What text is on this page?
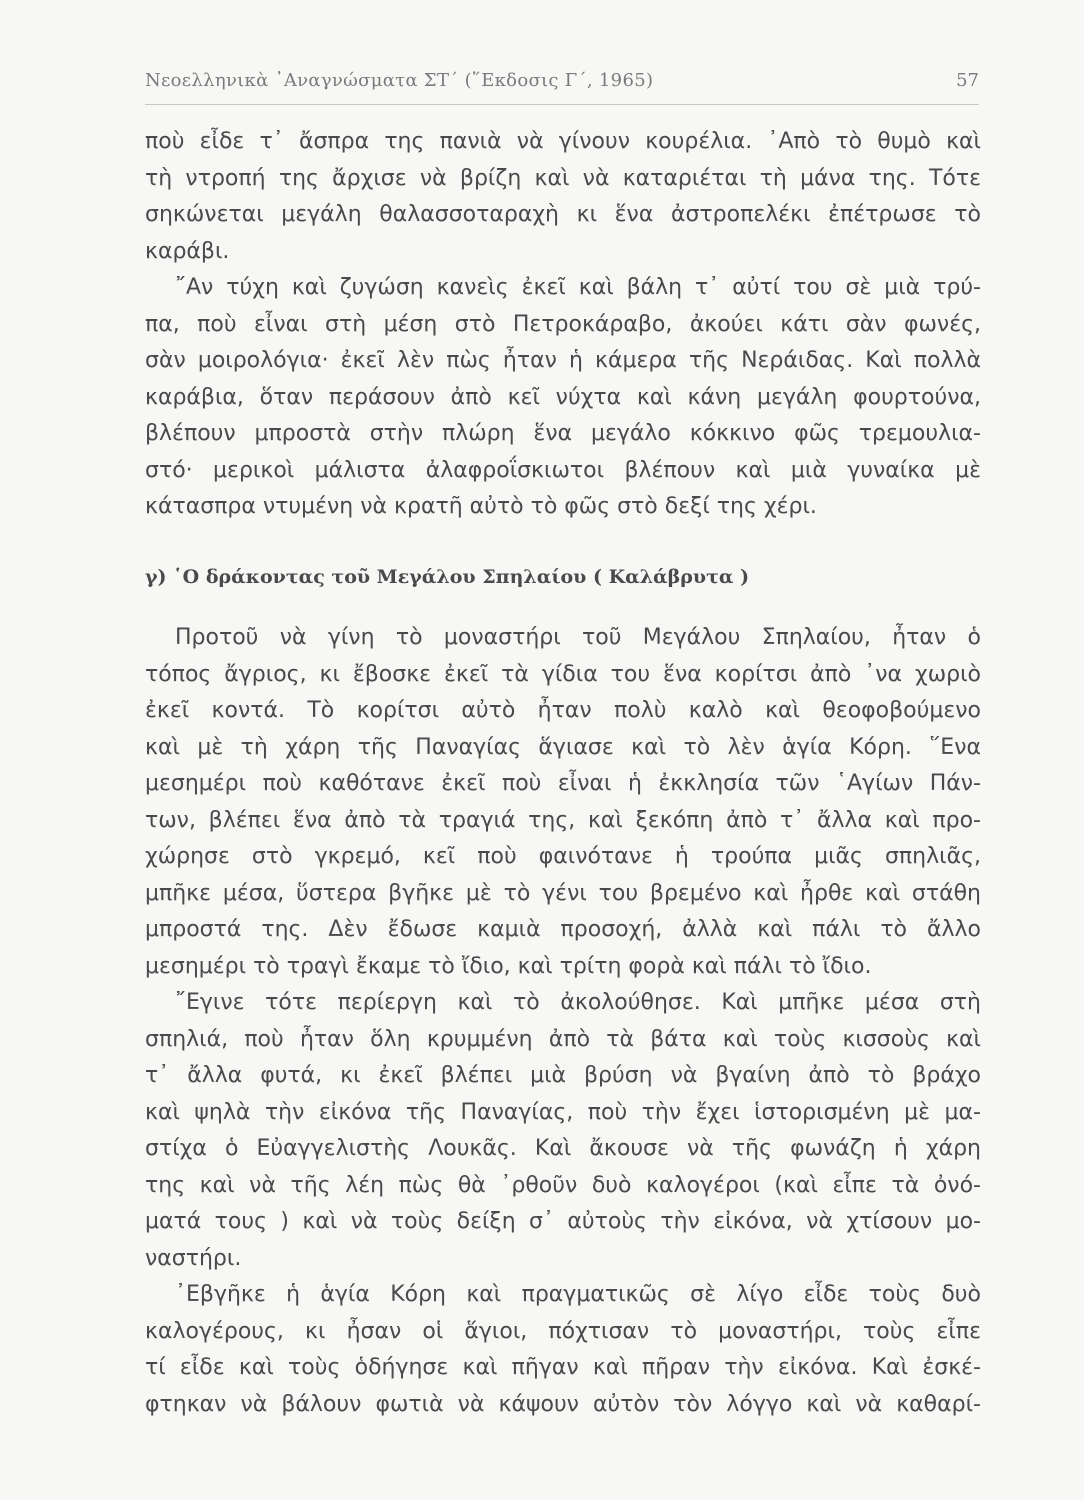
Νεοελληνικὰ ᾽Αναγνώσματα ΣΤ΄ (῞Εκδοσις Γ΄, 1965)	57
ποὺ εἶδε τ᾽ ἄσπρα της πανιὰ νὰ γίνουν κουρέλια. ᾽Απὸ τὸ θυμὸ καὶ
τὴ ντροπή της ἄρχισε νὰ βρίζη καὶ νὰ καταριέται τὴ μάνα της. Τότε
σηκώνεται μεγάλη θαλασσοταραχὴ κι ἕνα ἀστροπελέκι ἐπέτρωσε τὸ
καράβι.
῎Αν τύχη καὶ ζυγώση κανεὶς ἐκεῖ καὶ βάλη τ᾽ αὐτί του σὲ μιὰ τρύ-
πα, ποὺ εἶναι στὴ μέση στὸ Πετροκάραβο, ἀκούει κάτι σὰν φωνές,
σὰν μοιρολόγια· ἐκεῖ λὲν πὼς ἦταν ἡ κάμερα τῆς Νεράιδας. Καὶ πολλὰ
καράβια, ὅταν περάσουν ἀπὸ κεῖ νύχτα καὶ κάνη μεγάλη φουρτούνα,
βλέπουν μπροστὰ στὴν πλώρη ἕνα μεγάλο κόκκινο φῶς τρεμουλια-
στό· μερικοὶ μάλιστα ἀλαφροΐσκιωτοι βλέπουν καὶ μιὰ γυναίκα μὲ
κάτασπρα ντυμένη νὰ κρατῆ αὐτὸ τὸ φῶς στὸ δεξί της χέρι.
γ) ῾Ο δράκοντας τοῦ Μεγάλου Σπηλαίου ( Καλάβρυτα )
Προτοῦ νὰ γίνη τὸ μοναστήρι τοῦ Μεγάλου Σπηλαίου, ἦταν ὁ
τόπος ἄγριος, κι ἔβοσκε ἐκεῖ τὰ γίδια του ἕνα κορίτσι ἀπὸ ᾽να χωριὸ
ἐκεῖ κοντά. Τὸ κορίτσι αὐτὸ ἦταν πολὺ καλὸ καὶ θεοφοβούμενο
καὶ μὲ τὴ χάρη τῆς Παναγίας ἅγιασε καὶ τὸ λὲν ἁγία Κόρη. ῞Ενα
μεσημέρι ποὺ καθότανε ἐκεῖ ποὺ εἶναι ἡ ἐκκλησία τῶν ῾Αγίων Πάν-
των, βλέπει ἕνα ἀπὸ τὰ τραγιά της, καὶ ξεκόπη ἀπὸ τ᾽ ἄλλα καὶ προ-
χώρησε στὸ γκρεμό, κεῖ ποὺ φαινότανε ἡ τρούπα μιᾶς σπηλιᾶς,
μπῆκε μέσα, ὕστερα βγῆκε μὲ τὸ γένι του βρεμένο καὶ ἦρθε καὶ στάθη
μπροστά της. Δὲν ἔδωσε καμιὰ προσοχή, ἀλλὰ καὶ πάλι τὸ ἄλλο
μεσημέρι τὸ τραγὶ ἔκαμε τὸ ἴδιο, καὶ τρίτη φορὰ καὶ πάλι τὸ ἴδιο.
῎Εγινε τότε περίεργη καὶ τὸ ἀκολούθησε. Καὶ μπῆκε μέσα στὴ
σπηλιά, ποὺ ἦταν ὅλη κρυμμένη ἀπὸ τὰ βάτα καὶ τοὺς κισσοὺς καὶ
τ᾽ ἄλλα φυτά, κι ἐκεῖ βλέπει μιὰ βρύση νὰ βγαίνη ἀπὸ τὸ βράχο
καὶ ψηλὰ τὴν εἰκόνα τῆς Παναγίας, ποὺ τὴν ἔχει ἱστορισμένη μὲ μα-
στίχα ὁ Εὐαγγελιστὴς Λουκᾶς. Καὶ ἄκουσε νὰ τῆς φωνάζη ἡ χάρη
της καὶ νὰ τῆς λέη πὼς θὰ ᾽ρθοῦν δυὸ καλογέροι (καὶ εἶπε τὰ ὀνό-
ματά τους ) καὶ νὰ τοὺς δείξη σ᾽ αὐτοὺς τὴν εἰκόνα, νὰ χτίσουν μο-
ναστήρι.
᾽Εβγῆκε ἡ ἁγία Κόρη καὶ πραγματικῶς σὲ λίγο εἶδε τοὺς δυὸ
καλογέρους, κι ἦσαν οἱ ἅγιοι, πόχτισαν τὸ μοναστήρι, τοὺς εἶπε
τί εἶδε καὶ τοὺς ὁδήγησε καὶ πῆγαν καὶ πῆραν τὴν εἰκόνα. Καὶ ἐσκέ-
φτηκαν νὰ βάλουν φωτιὰ νὰ κάψουν αὐτὸν τὸν λόγγο καὶ νὰ καθαρί-
